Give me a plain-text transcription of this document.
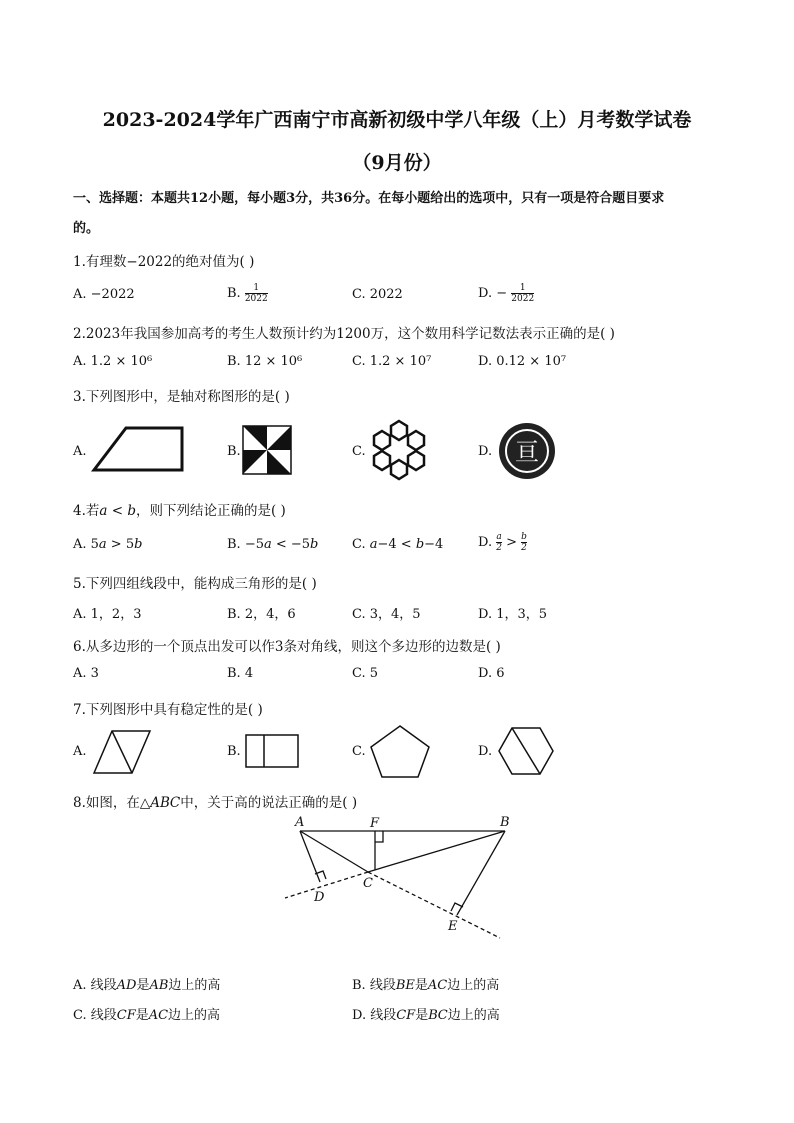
2023-2024学年广西南宁市高新初级中学八年级（上）月考数学试卷
（9月份）
一、选择题：本题共12小题，每小题3分，共36分。在每小题给出的选项中，只有一项是符合题目要求
的。
1.有理数−2022的绝对值为( )
A. −2022	B. $\frac{1}{2022}$	C. 2022	D. − $\frac{1}{2022}$
2.2023年我国参加高考的考生人数预计约为1200万，这个数用科学记数法表示正确的是( )
A. 1.2 × 10⁶	B. 12 × 10⁶	C. 1.2 × 10⁷	D. 0.12 × 10⁷
3.下列图形中，是轴对称图形的是( )
A.	B.	C.	D. 亘
4.若𝑎 < 𝑏，则下列结论正确的是( )
A. 5𝑎 > 5𝑏	B. −5𝑎 < −5𝑏	C. 𝑎−4 < 𝑏−4	D. $\frac{a}{2} > \frac{b}{2}$
5.下列四组线段中，能构成三角形的是( )
A. 1，2，3	B. 2，4，6	C. 3，4，5	D. 1，3，5
6.从多边形的一个顶点出发可以作3条对角线，则这个多边形的边数是( )
A. 3	B. 4	C. 5	D. 6
7.下列图形中具有稳定性的是( )
A.	B.	C.	D.
8.如图，在△𝐴𝐵𝐶中，关于高的说法正确的是( )
A	B
C
D
E
F
A. 线段𝐴𝐷是𝐴𝐵边上的高	B. 线段𝐵𝐸是𝐴𝐶边上的高
C. 线段𝐶𝐹是𝐴𝐶边上的高	D. 线段𝐶𝐹是𝐵𝐶边上的高
